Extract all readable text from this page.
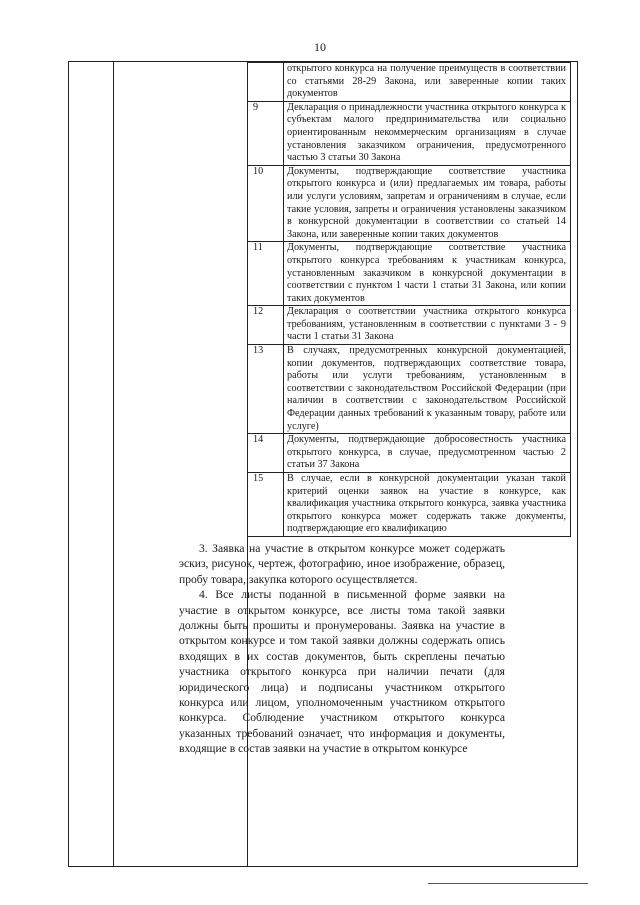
10
	открытого конкурса на получение преимуществ в соответствии со статьями 28-29 Закона, или заверенные копии таких документов
9	Декларация о принадлежности участника открытого конкурса к субъектам малого предпринимательства или социально ориентированным некоммерческим организациям в случае установления заказчиком ограничения, предусмотренного частью 3 статьи 30 Закона
10	Документы, подтверждающие соответствие участника открытого конкурса и (или) предлагаемых им товара, работы или услуги условиям, запретам и ограничениям в случае, если такие условия, запреты и ограничения установлены заказчиком в конкурсной документации в соответствии со статьей 14 Закона, или заверенные копии таких документов
11	Документы, подтверждающие соответствие участника открытого конкурса требованиям к участникам конкурса, установленным заказчиком в конкурсной документации в соответствии с пунктом 1 части 1 статьи 31 Закона, или копии таких документов
12	Декларация о соответствии участника открытого конкурса требованиям, установленным в соответствии с пунктами 3 - 9 части 1 статьи 31 Закона
13	В случаях, предусмотренных конкурсной документацией, копии документов, подтверждающих соответствие товара, работы или услуги требованиям, установленным в соответствии с законодательством Российской Федерации (при наличии в соответствии с законодательством Российской Федерации данных требований к указанным товару, работе или услуге)
14	Документы, подтверждающие добросовестность участника открытого конкурса, в случае, предусмотренном частью 2 статьи 37 Закона
15	В случае, если в конкурсной документации указан такой критерий оценки заявок на участие в конкурсе, как квалификация участника открытого конкурса, заявка участника открытого конкурса может содержать также документы, подтверждающие его квалификацию

3. Заявка на участие в открытом конкурсе может содержать эскиз, рисунок, чертеж, фотографию, иное изображение, образец, пробу товара, закупка которого осуществляется.

4. Все листы поданной в письменной форме заявки на участие в открытом конкурсе, все листы тома такой заявки должны быть прошиты и пронумерованы. Заявка на участие в открытом конкурсе и том такой заявки должны содержать опись входящих в их состав документов, быть скреплены печатью участника открытого конкурса при наличии печати (для юридического лица) и подписаны участником открытого конкурса или лицом, уполномоченным участником открытого конкурса. Соблюдение участником открытого конкурса указанных требований означает, что информация и документы, входящие в состав заявки на участие в открытом конкурсе
